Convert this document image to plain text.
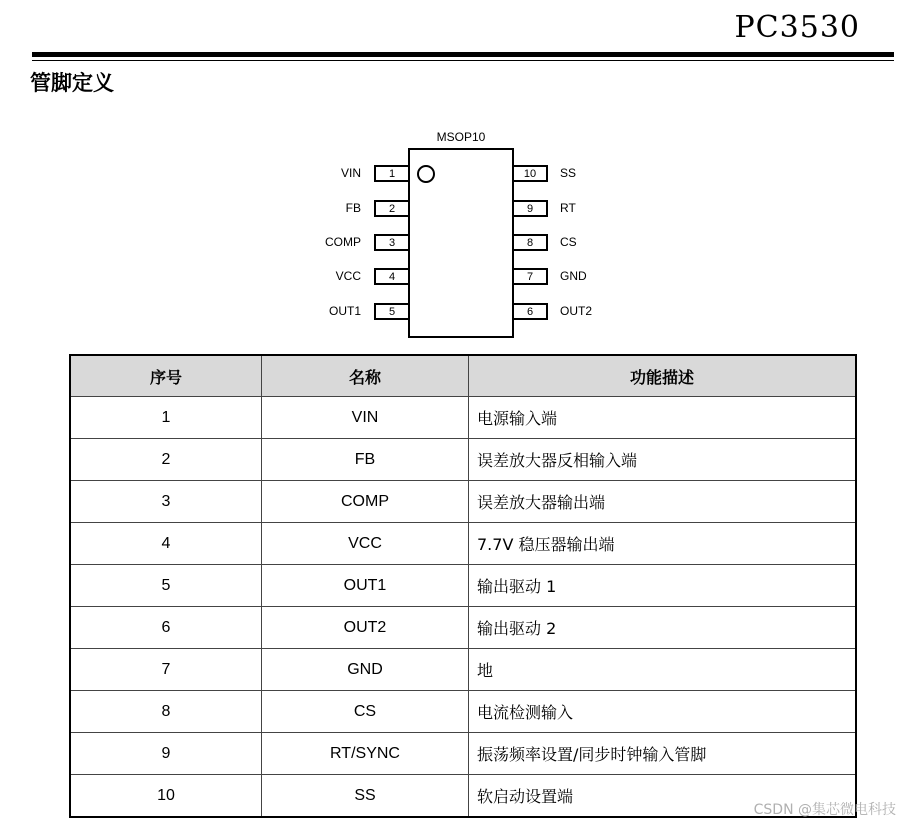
PC3530
管脚定义
MSOP10
1
VIN
2
FB
3
COMP
4
VCC
5
OUT1
10 SS
9 RT
8 CS
7 GND
6 OUT2
序号	名称	功能描述
1	VIN	电源输入端
2	FB	误差放大器反相输入端
3	COMP	误差放大器输出端
4	VCC	7.7V 稳压器输出端
5	OUT1	输出驱动 1
6	OUT2	输出驱动 2
7	GND	地
8	CS	电流检测输入
9	RT/SYNC	振荡频率设置/同步时钟输入管脚
10	SS	软启动设置端
CSDN @集芯微电科技
